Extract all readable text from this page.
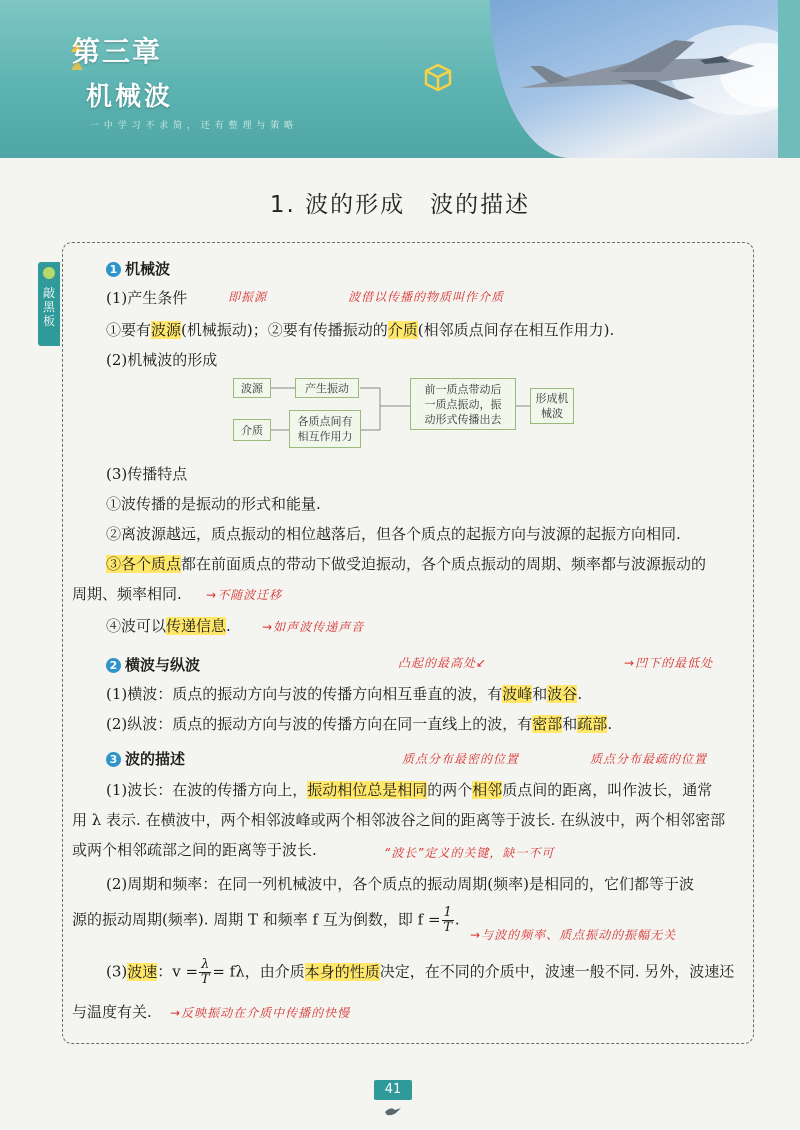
第三章
机械波
一 中 学 习 不 求 简 ， 还 有 整 理 与 策 略
1. 波的形成　波的描述
敲黑板
1 机械波
(1)产生条件	即振源	波借以传播的物质叫作介质
①要有波源(机械振动)；②要有传播振动的介质(相邻质点间存在相互作用力).
(2)机械波的形成
波源	产生振动
介质
各质点间有
相互作用力
前一质点带动后
一质点振动，振
动形式传播出去
形成机
械波
(3)传播特点
①波传播的是振动的形式和能量.
②离波源越远，质点振动的相位越落后，但各个质点的起振方向与波源的起振方向相同.
③各个质点都在前面质点的带动下做受迫振动，各个质点振动的周期、频率都与波源振动的
周期、频率相同. →不随波迁移
④波可以传递信息.	→如声波传递声音
2 横波与纵波	凸起的最高处↙	→凹下的最低处
(1)横波：质点的振动方向与波的传播方向相互垂直的波，有波峰和波谷.
(2)纵波：质点的振动方向与波的传播方向在同一直线上的波，有密部和疏部.
3 波的描述	质点分布最密的位置	质点分布最疏的位置
(1)波长：在波的传播方向上，振动相位总是相同的两个相邻质点间的距离，叫作波长，通常
用 λ 表示. 在横波中，两个相邻波峰或两个相邻波谷之间的距离等于波长. 在纵波中，两个相邻密部
或两个相邻疏部之间的距离等于波长.	“波长”定义的关键，缺一不可
(2)周期和频率：在同一列机械波中，各个质点的振动周期(频率)是相同的，它们都等于波
源的振动周期(频率). 周期 T 和频率 f 互为倒数，即 $f = \frac{1}{T}$ .
→与波的频率、质点振动的振幅无关
(3)波速：$v = \frac{\lambda}{T} = f\lambda$，由介质本身的性质决定，在不同的介质中，波速一般不同. 另外，波速还
与温度有关. →反映振动在介质中传播的快慢
41
